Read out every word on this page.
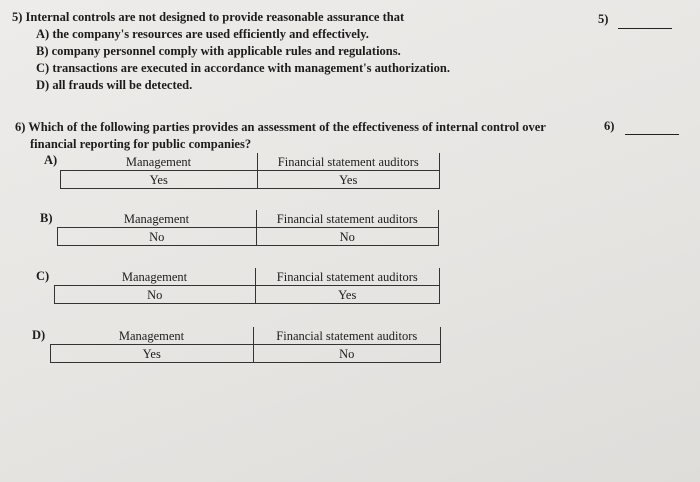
5) Internal controls are not designed to provide reasonable assurance that
A) the company's resources are used efficiently and effectively.
B) company personnel comply with applicable rules and regulations.
C) transactions are executed in accordance with management's authorization.
D) all frauds will be detected.
5)
6) Which of the following parties provides an assessment of the effectiveness of internal control over
financial reporting for public companies?
6)
A)	Management	Financial statement auditors
Yes	Yes
B)	Management	Financial statement auditors
No	No
C)	Management	Financial statement auditors
No	Yes
D)	Management	Financial statement auditors
Yes	No
